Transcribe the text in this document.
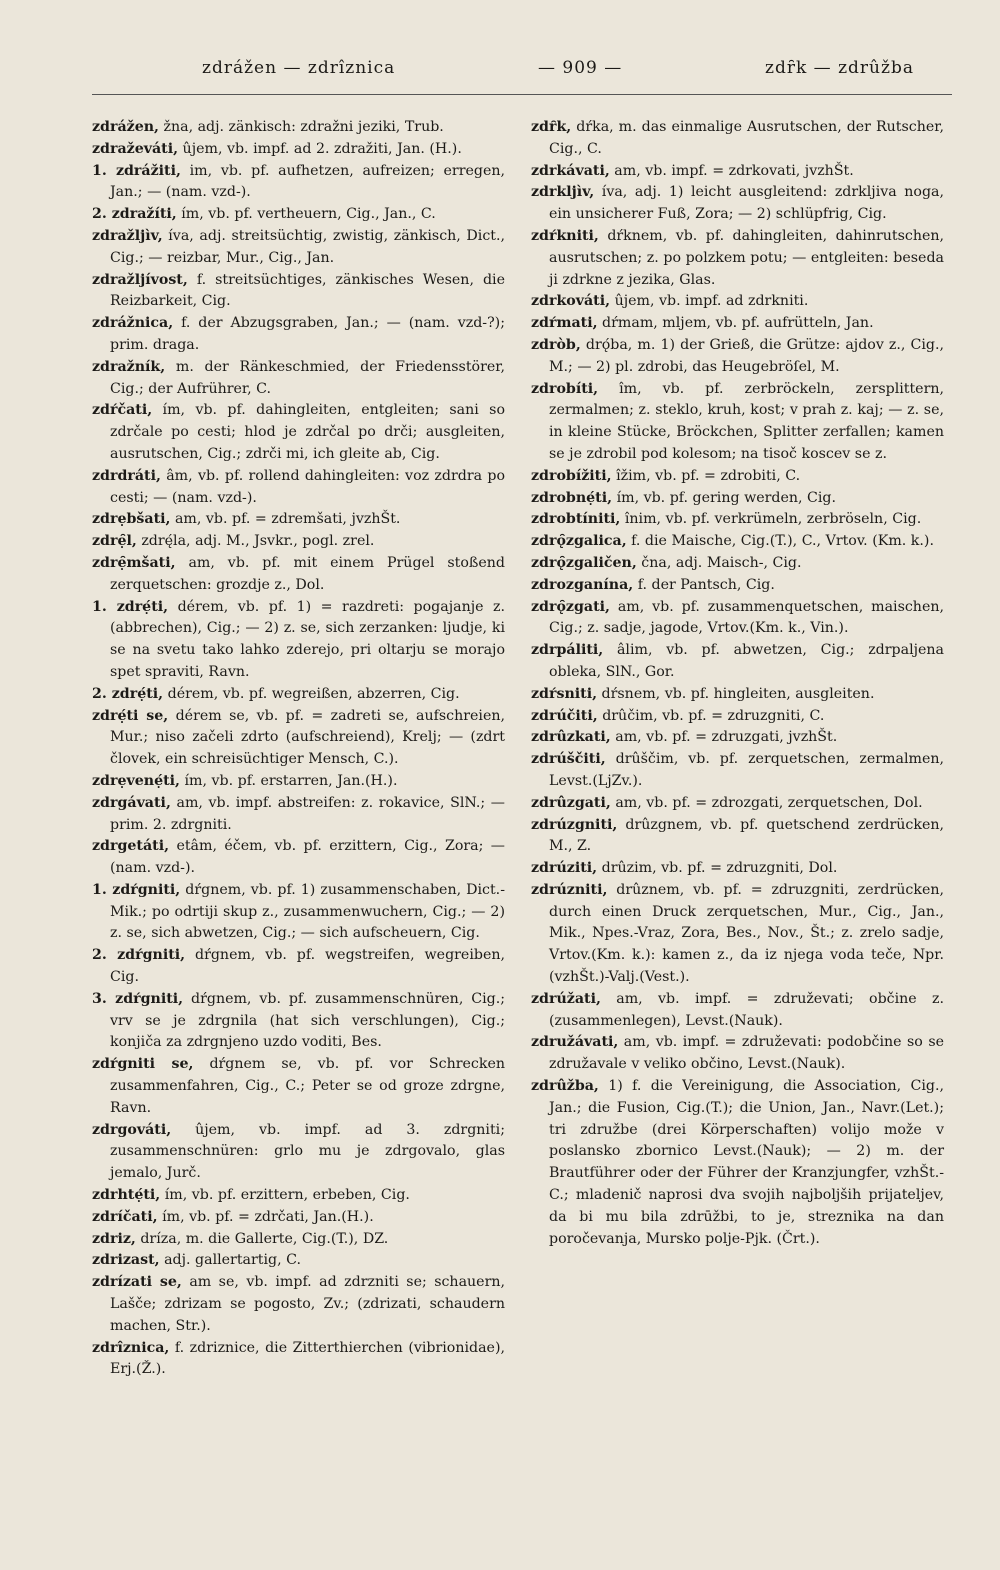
zdrážen — zdrîznica	— 909 —	zdȓk — zdrûžba

zdrážen, žna, adj. zänkisch: zdražni jeziki, Trub.

zdraževáti, ûjem, vb. impf. ad 2. zdražiti, Jan. (H.).

1. zdrážiti, im, vb. pf. aufhetzen, aufreizen; erregen, Jan.; — (nam. vzd-).

2. zdražíti, ím, vb. pf. vertheuern, Cig., Jan., C.

zdražljìv, íva, adj. streitsüchtig, zwistig, zänkisch, Dict., Cig.; — reizbar, Mur., Cig., Jan.

zdražljívost, f. streitsüchtiges, zänkisches Wesen, die Reizbarkeit, Cig.

zdrážnica, f. der Abzugsgraben, Jan.; — (nam. vzd-?); prim. draga.

zdražník, m. der Ränkeschmied, der Friedensstörer, Cig.; der Aufrührer, C.

zdŕčati, ím, vb. pf. dahingleiten, entgleiten; sani so zdrčale po cesti; hlod je zdrčal po drči; ausgleiten, ausrutschen, Cig.; zdrči mi, ich gleite ab, Cig.

zdrdráti, âm, vb. pf. rollend dahingleiten: voz zdrdra po cesti; — (nam. vzd-).

zdrẹbšati, am, vb. pf. = zdremšati, jvzhŠt.

zdrẹ̑l, zdrę́la, adj. M., Jsvkr., pogl. zrel.

zdrẹ̑mšati, am, vb. pf. mit einem Prügel stoßend zerquetschen: grozdje z., Dol.

1. zdrẹ́ti, dérem, vb. pf. 1) = razdreti: pogajanje z. (abbrechen), Cig.; — 2) z. se, sich zerzanken: ljudje, ki se na svetu tako lahko zderejo, pri oltarju se morajo spet spraviti, Ravn.

2. zdrẹ́ti, dérem, vb. pf. wegreißen, abzerren, Cig.

zdrẹ́ti se, dérem se, vb. pf. = zadreti se, aufschreien, Mur.; niso začeli zdrto (aufschreiend), Krelj; — (zdrt človek, ein schreisüchtiger Mensch, C.).

zdrẹvenẹ́ti, ím, vb. pf. erstarren, Jan.(H.).

zdrgávati, am, vb. impf. abstreifen: z. rokavice, SlN.; — prim. 2. zdrgniti.

zdrgetáti, etâm, éčem, vb. pf. erzittern, Cig., Zora; — (nam. vzd-).

1. zdŕgniti, dŕgnem, vb. pf. 1) zusammenschaben, Dict.-Mik.; po odrtiji skup z., zusammenwuchern, Cig.; — 2) z. se, sich abwetzen, Cig.; — sich aufscheuern, Cig.

2. zdŕgniti, dŕgnem, vb. pf. wegstreifen, wegreiben, Cig.

3. zdŕgniti, dŕgnem, vb. pf. zusammenschnüren, Cig.; vrv se je zdrgnila (hat sich verschlungen), Cig.; konjiča za zdrgnjeno uzdo voditi, Bes.

zdŕgniti se, dŕgnem se, vb. pf. vor Schrecken zusammenfahren, Cig., C.; Peter se od groze zdrgne, Ravn.

zdrgováti, ûjem, vb. impf. ad 3. zdrgniti; zusammenschnüren: grlo mu je zdrgovalo, glas jemalo, Jurč.

zdrhtẹ́ti, ím, vb. pf. erzittern, erbeben, Cig.

zdríčati, ím, vb. pf. = zdrčati, Jan.(H.).

zdriz, dríza, m. die Gallerte, Cig.(T.), DZ.

zdrizast, adj. gallertartig, C.

zdrízati se, am se, vb. impf. ad zdrzniti se; schauern, Lašče; zdrizam se pogosto, Zv.; (zdrizati, schaudern machen, Str.).

zdrîznica, f. zdriznice, die Zitterthierchen (vibrionidae), Erj.(Ž.).

zdȓk, dŕka, m. das einmalige Ausrutschen, der Rutscher, Cig., C.

zdrkávati, am, vb. impf. = zdrkovati, jvzhŠt.

zdrkljìv, íva, adj. 1) leicht ausgleitend: zdrkljiva noga, ein unsicherer Fuß, Zora; — 2) schlüpfrig, Cig.

zdŕkniti, dŕknem, vb. pf. dahingleiten, dahinrutschen, ausrutschen; z. po polzkem potu; — entgleiten: beseda ji zdrkne z jezika, Glas.

zdrkováti, ûjem, vb. impf. ad zdrkniti.

zdŕmati, dŕmam, mljem, vb. pf. aufrütteln, Jan.

zdròb, drǫ́ba, m. 1) der Grieß, die Grütze: ajdov z., Cig., M.; — 2) pl. zdrobi, das Heugebröſel, M.

zdrobíti, îm, vb. pf. zerbröckeln, zersplittern, zermalmen; z. steklo, kruh, kost; v prah z. kaj; — z. se, in kleine Stücke, Bröckchen, Splitter zerfallen; kamen se je zdrobil pod kolesom; na tisoč koscev se z.

zdrobížiti, îžim, vb. pf. = zdrobiti, C.

zdrobnẹ́ti, ím, vb. pf. gering werden, Cig.

zdrobtíniti, înim, vb. pf. verkrümeln, zerbröseln, Cig.

zdrǫ̑zgalica, f. die Maische, Cig.(T.), C., Vrtov. (Km. k.).

zdrǫ̑zgaličen, čna, adj. Maisch-, Cig.

zdrozganína, f. der Pantsch, Cig.

zdrǫ̑zgati, am, vb. pf. zusammenquetschen, maischen, Cig.; z. sadje, jagode, Vrtov.(Km. k., Vin.).

zdrpáliti, âlim, vb. pf. abwetzen, Cig.; zdrpaljena obleka, SlN., Gor.

zdŕsniti, dŕsnem, vb. pf. hingleiten, ausgleiten.

zdrúčiti, drûčim, vb. pf. = zdruzgniti, C.

zdrûzkati, am, vb. pf. = zdruzgati, jvzhŠt.

zdrúščiti, drûščim, vb. pf. zerquetschen, zermalmen, Levst.(LjZv.).

zdrûzgati, am, vb. pf. = zdrozgati, zerquetschen, Dol.

zdrúzgniti, drûzgnem, vb. pf. quetschend zerdrücken, M., Z.

zdrúziti, drûzim, vb. pf. = zdruzgniti, Dol.

zdrúzniti, drûznem, vb. pf. = zdruzgniti, zerdrücken, durch einen Druck zerquetschen, Mur., Cig., Jan., Mik., Npes.-Vraz, Zora, Bes., Nov., Št.; z. zrelo sadje, Vrtov.(Km. k.): kamen z., da iz njega voda teče, Npr.(vzhŠt.)-Valj.(Vest.).

zdrúžati, am, vb. impf. = združevati; občine z. (zusammenlegen), Levst.(Nauk).

združávati, am, vb. impf. = združevati: podobčine so se združavale v veliko občino, Levst.(Nauk).

zdrûžba, 1) f. die Vereinigung, die Association, Cig., Jan.; die Fusion, Cig.(T.); die Union, Jan., Navr.(Let.); tri združbe (drei Körperschaften) volijo može v poslansko zbornico Levst.(Nauk); — 2) m. der Brautführer oder der Führer der Kranzjungfer, vzhŠt.-C.; mladenič naprosi dva svojih najboljših prijateljev, da bi mu bila zdrūžbi, to je, streznika na dan poročevanja, Mursko polje-Pjk. (Črt.).
